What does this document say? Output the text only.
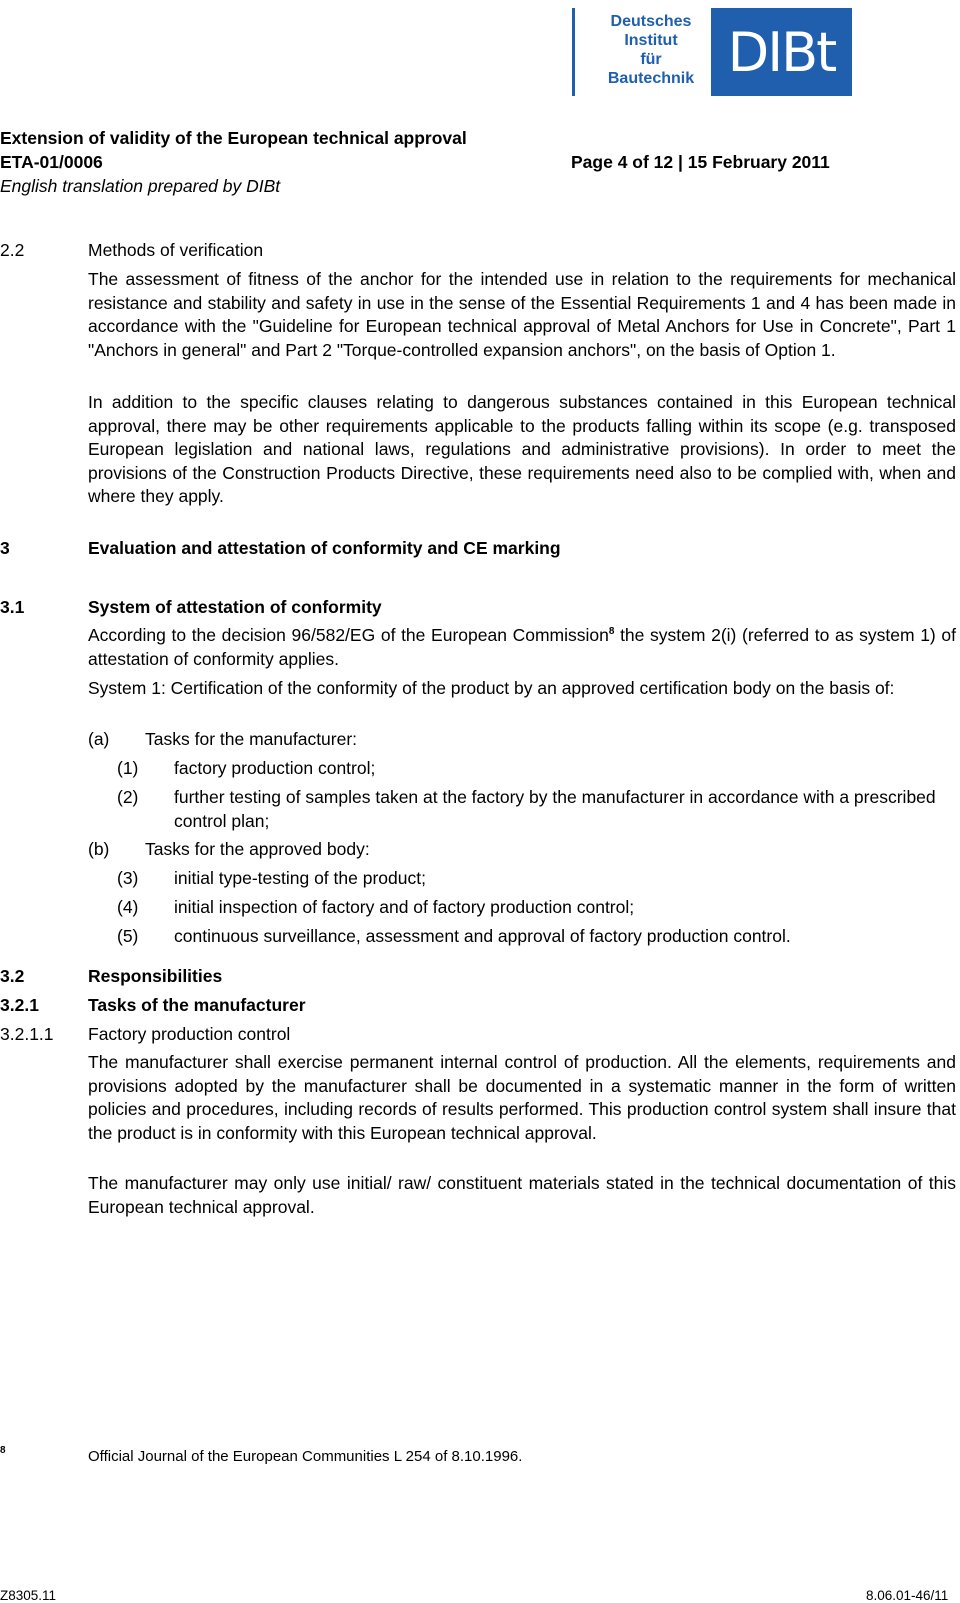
Deutsches
Institut
für
Bautechnik DIBt
Extension of validity of the European technical approval
ETA-01/0006	Page 4 of 12 | 15 February 2011
English translation prepared by DIBt
2.2	Methods of verification
The assessment of fitness of the anchor for the intended use in relation to the requirements for mechanical resistance and stability and safety in use in the sense of the Essential Requirements 1 and 4 has been made in accordance with the "Guideline for European technical approval of Metal Anchors for Use in Concrete", Part 1 "Anchors in general" and Part 2 "Torque-controlled expansion anchors", on the basis of Option 1.
In addition to the specific clauses relating to dangerous substances contained in this European technical approval, there may be other requirements applicable to the products falling within its scope (e.g. transposed European legislation and national laws, regulations and administrative provisions). In order to meet the provisions of the Construction Products Directive, these requirements need also to be complied with, when and where they apply.
3	Evaluation and attestation of conformity and CE marking
3.1	System of attestation of conformity
According to the decision 96/582/EG of the European Commission$^8$ the system 2(i) (referred to as system 1) of attestation of conformity applies.
System 1: Certification of the conformity of the product by an approved certification body on the basis of:
(a) Tasks for the manufacturer:
(1) factory production control;
(2) further testing of samples taken at the factory by the manufacturer in accordance with a prescribed control plan;
(b) Tasks for the approved body:
(3) initial type-testing of the product;
(4) initial inspection of factory and of factory production control;
(5) continuous surveillance, assessment and approval of factory production control.
3.2	Responsibilities
3.2.1	Tasks of the manufacturer
3.2.1.1 Factory production control
The manufacturer shall exercise permanent internal control of production. All the elements, requirements and provisions adopted by the manufacturer shall be documented in a systematic manner in the form of written policies and procedures, including records of results performed. This production control system shall insure that the product is in conformity with this European technical approval.
The manufacturer may only use initial/ raw/ constituent materials stated in the technical documentation of this European technical approval.
8	Official Journal of the European Communities L 254 of 8.10.1996.
Z8305.11	8.06.01-46/11
